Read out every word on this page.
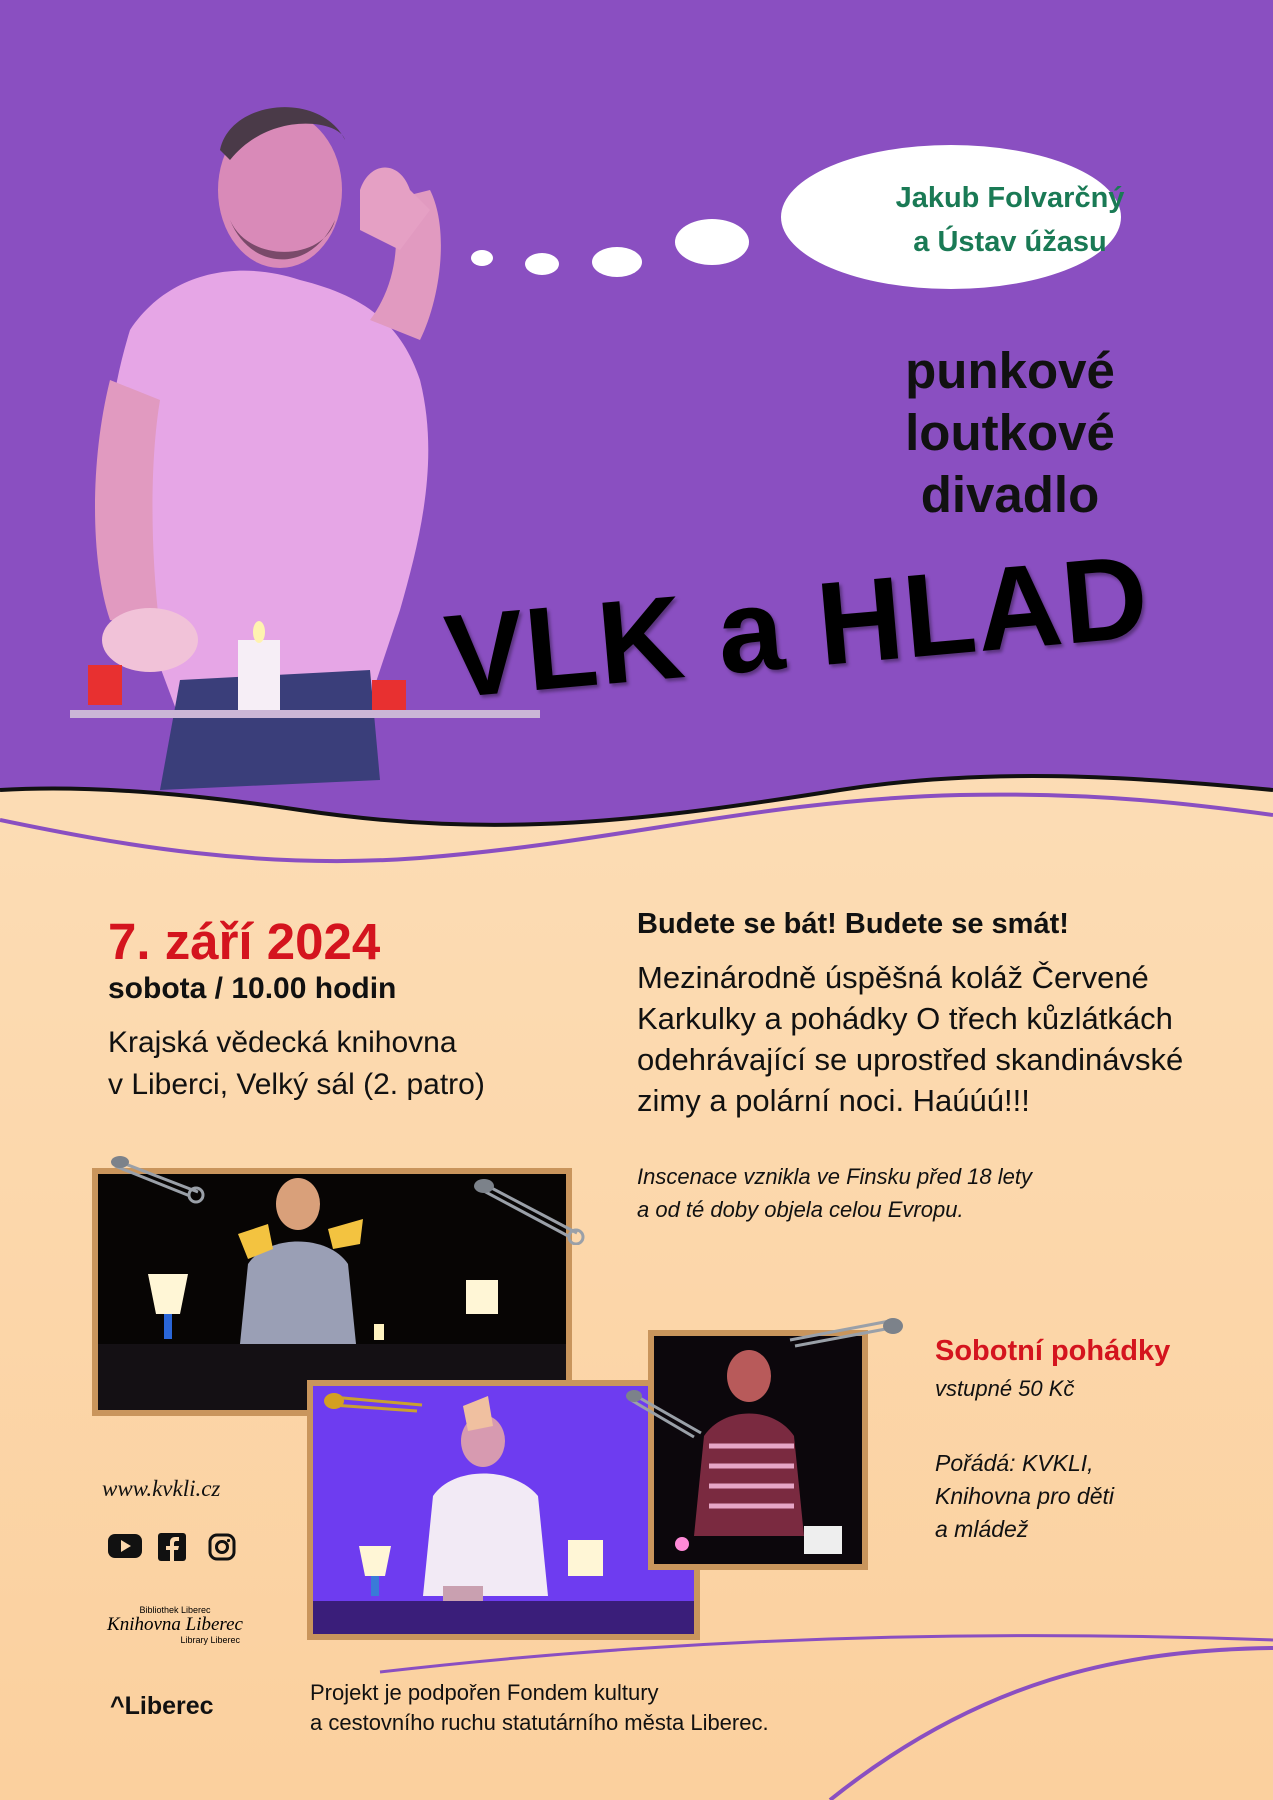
Jakub Folvarčný
a Ústav úžasu
punkové
loutkové
divadlo
VLK a HLAD
7. září 2024
sobota / 10.00 hodin
Krajská vědecká knihovna
v Liberci, Velký sál (2. patro)
Budete se bát! Budete se smát!
Mezinárodně úspěšná koláž Červené
Karkulky a pohádky O třech kůzlátkách
odehrávající se uprostřed skandinávské
zimy a polární noci. Haúúú!!!
Inscenace vznikla ve Finsku před 18 lety
a od té doby objela celou Evropu.
Sobotní pohádky
vstupné 50 Kč
Pořádá: KVKLI,
Knihovna pro děti
a mládež
www.kvkli.cz
Bibliothek Liberec
Knihovna Liberec
Library Liberec
^Liberec	Projekt je podpořen Fondem kultury
a cestovního ruchu statutárního města Liberec.
